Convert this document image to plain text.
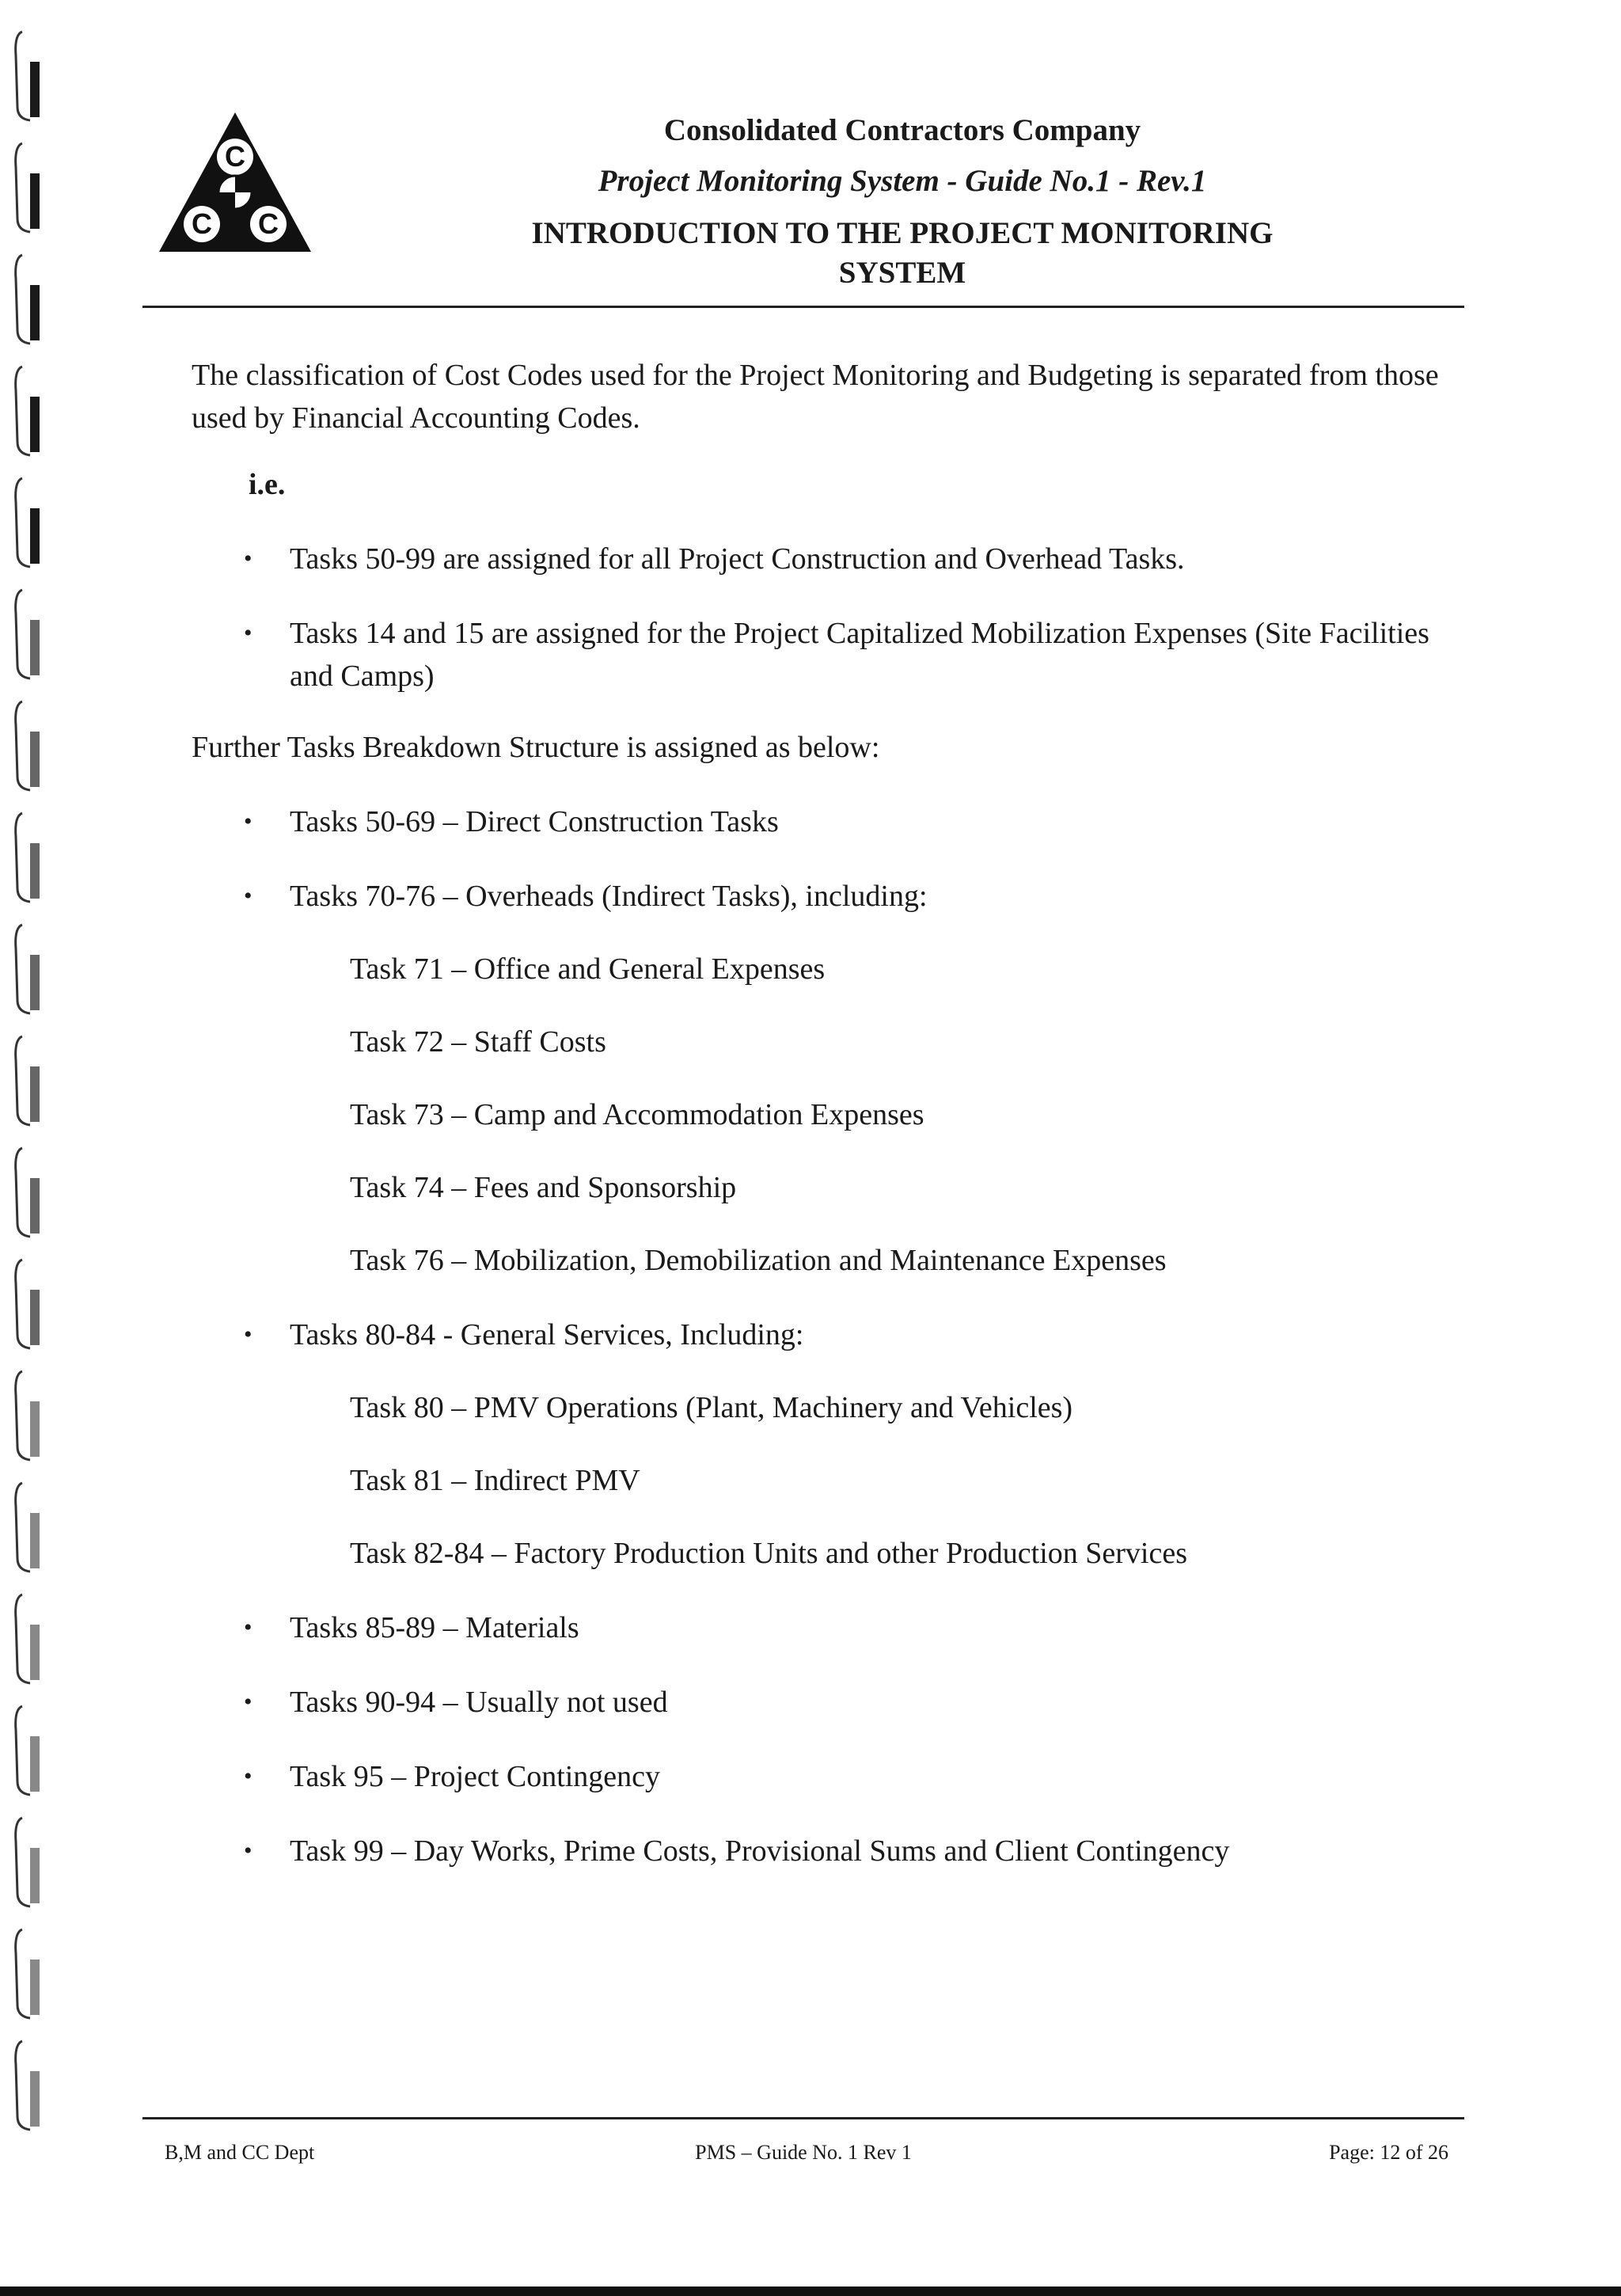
C
C C
Consolidated Contractors Company
Project Monitoring System - Guide No.1 - Rev.1
INTRODUCTION TO THE PROJECT MONITORING
SYSTEM

The classification of Cost Codes used for the Project Monitoring and Budgeting is separated from those used by Financial Accounting Codes.

i.e.
• Tasks 50-99 are assigned for all Project Construction and Overhead Tasks.
• Tasks 14 and 15 are assigned for the Project Capitalized Mobilization Expenses (Site Facilities and Camps)

Further Tasks Breakdown Structure is assigned as below:

• Tasks 50-69 – Direct Construction Tasks
• Tasks 70-76 – Overheads (Indirect Tasks), including:
Task 71 – Office and General Expenses
Task 72 – Staff Costs
Task 73 – Camp and Accommodation Expenses
Task 74 – Fees and Sponsorship
Task 76 – Mobilization, Demobilization and Maintenance Expenses
• Tasks 80-84 - General Services, Including:
Task 80 – PMV Operations (Plant, Machinery and Vehicles)
Task 81 – Indirect PMV
Task 82-84 – Factory Production Units and other Production Services
• Tasks 85-89 – Materials
• Tasks 90-94 – Usually not used
• Task 95 – Project Contingency
• Task 99 – Day Works, Prime Costs, Provisional Sums and Client Contingency
B,M and CC Dept	PMS – Guide No. 1 Rev 1	Page: 12 of 26
